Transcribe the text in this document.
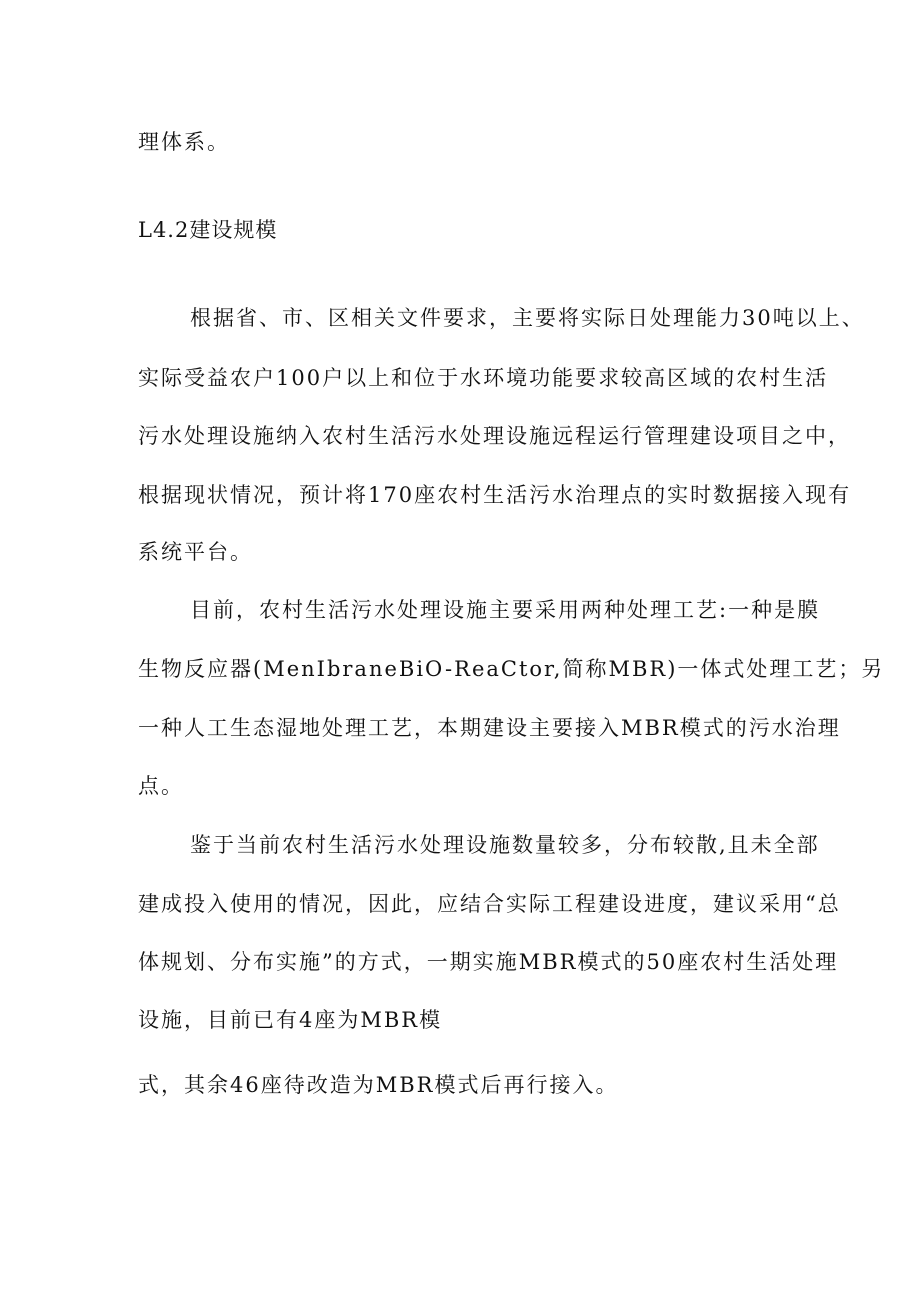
理体系。
L4.2建设规模
根据省、市、区相关文件要求，主要将实际日处理能力30吨以上、
实际受益农户100户以上和位于水环境功能要求较高区域的农村生活
污水处理设施纳入农村生活污水处理设施远程运行管理建设项目之中，
根据现状情况，预计将170座农村生活污水治理点的实时数据接入现有
系统平台。
目前，农村生活污水处理设施主要采用两种处理工艺:一种是膜
生物反应器(MenIbraneBiO-ReaCtor,简称MBR)一体式处理工艺；另
一种人工生态湿地处理工艺，本期建设主要接入MBR模式的污水治理
点。
鉴于当前农村生活污水处理设施数量较多，分布较散,且未全部
建成投入使用的情况，因此，应结合实际工程建设进度，建议采用“总
体规划、分布实施”的方式，一期实施MBR模式的50座农村生活处理
设施，目前已有4座为MBR模
式，其余46座待改造为MBR模式后再行接入。
